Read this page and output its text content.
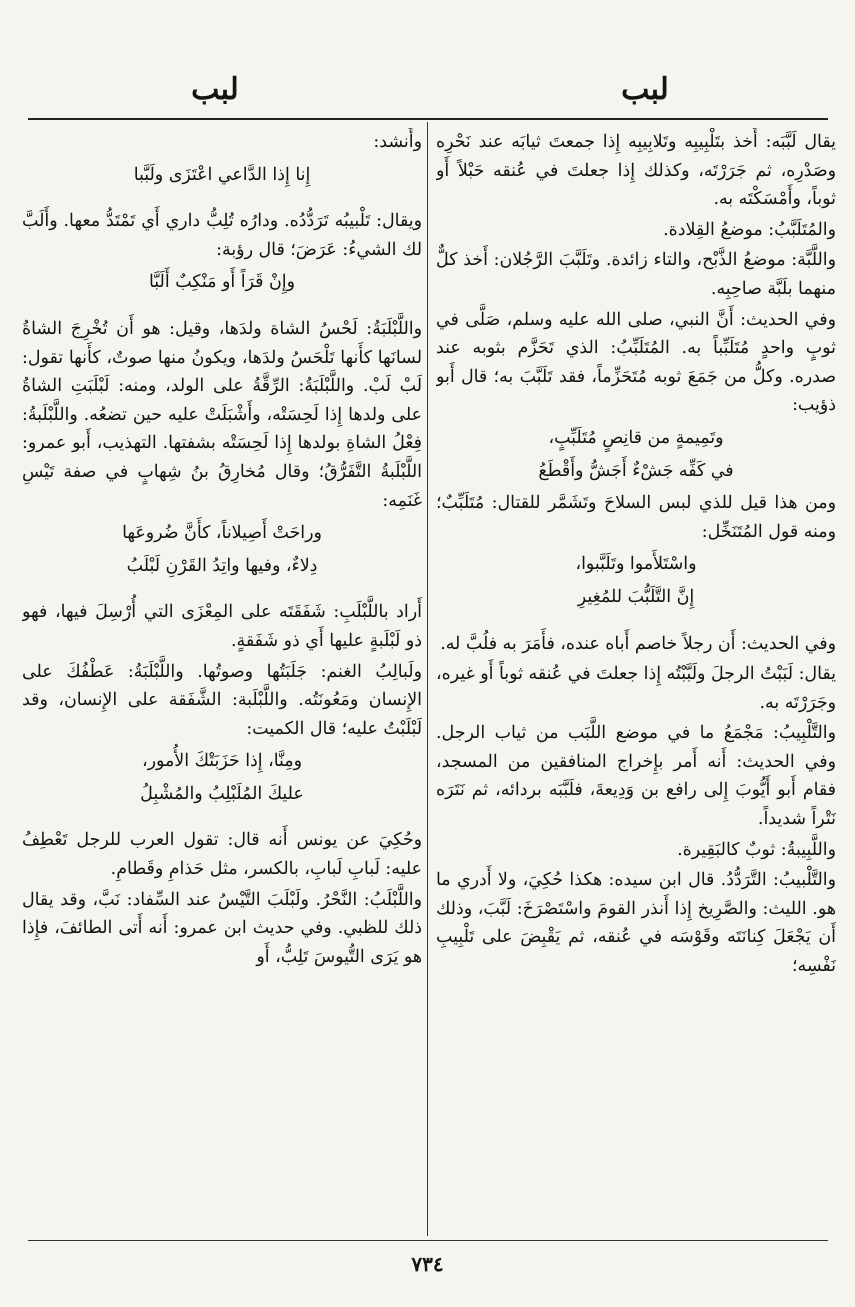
لبب
لبب

يقال لَبَّبَه: أَخذ بتَلْبِيبِه وتَلابِيبِه إِذا جمعتَ ثيابَه عند نَحْرِه وصَدْرِه، ثم جَرَرْتَه، وكذلك إِذا جعلتَ في عُنقه حَبْلاً أَو ثوباً، وأَمْسَكْتَه به.

والمُتَلَبَّبُ: موضعُ القِلادة.

واللَّبَّة: موضعُ الذَّبْح، والتاء زائدة. وتَلَبَّبَ الرَّجُلان: أَخذ كلٌّ منهما بلَبَّة صاحِبِه.

وفي الحديث: أَنَّ النبي، صلى الله عليه وسلم، صَلَّى في ثوبٍ واحدٍ مُتَلَبِّباً به. المُتَلَبِّبُ: الذي تَحَزَّم بثوبه عند صدره. وكلُّ من جَمَعَ ثوبه مُتَحَزِّماً، فقد تَلَبَّبَ به؛ قال أَبو ذؤيب:

وتَمِيمةٍ من قانِصٍ مُتَلَبِّبٍ،
في كَفِّه جَشْءٌ أَجَشُّ وأَقْطَعُ

ومن هذا قيل للذي لبس السلاحَ وتَشَمَّر للقتال: مُتَلَبِّبٌ؛ ومنه قول المُتَنَخِّل:

واسْتَلأَموا وتَلَبَّبوا،
إِنَّ التَّلَبُّبَ للمُغِيرِ

وفي الحديث: أَن رجلاً خاصم أَباه عنده، فأَمَرَ به فلُبَّ له.

يقال: لَبَبْتُ الرجلَ ولَبَّبْتُه إِذا جعلتَ في عُنقه ثوباً أَو غيره، وجَرَرْتَه به.

والتَّلْبِيبُ: مَجْمَعُ ما في موضع اللَّبَب من ثياب الرجل. وفي الحديث: أَنه أَمر بإِخراج المنافقين من المسجد، فقام أَبو أَيُّوبَ إِلى رافع بن وَدِيعةَ، فلَبَّبَه بردائه، ثم نَتَرَه نَتْراً شديداً.

واللَّبِيبةُ: ثوبٌ كالبَقِيرة.

والتَّلْبيبُ: التَّرَدُّدُ. قال ابن سيده: هكذا حُكِيَ، ولا أَدري ما هو. الليث: والصَّرِيخ إِذا أَنذر القومَ واسْتَصْرَخَ: لَبَّبَ، وذلك أَن يَجْعَلَ كِنانَتَه وقَوْسَه في عُنقه، ثم يَقْبِضَ على تَلْبِيبِ نَفْسِه؛

وأَنشد:

إِنا إِذا الدَّاعي اعْتَزَى ولَبَّبا

ويقال: تَلْبيبُه تَرَدُّدُه. ودارُه تُلِبُّ داري أَي تَمْتَدُّ معها. وأَلَبَّ لك الشيءُ: عَرَضَ؛ قال رؤبة:

وإِنْ قَرَاً أَو مَنْكِبٌ أَلَبَّا

واللَّبْلَبَةُ: لَحْسُ الشاة ولدَها، وقيل: هو أَن تُخْرِجَ الشاةُ لسانَها كأَنها تَلْحَسُ ولدَها، ويكونُ منها صوتٌ، كأَنها تقول: لَبْ لَبْ. واللَّبْلَبَةُ: الرِّقَّةُ على الولد، ومنه: لَبْلَبَتِ الشاةُ على ولدها إِذا لَحِسَتْه، وأَشْبَلَتْ عليه حين تضعُه. واللَّبْلَبةُ: فِعْلُ الشاةِ بولدها إِذا لَحِسَتْه بشفتها. التهذيب، أَبو عمرو: اللَّبْلَبةُ التَّفَرُّقُ؛ وقال مُخارِقُ بنُ شِهابٍ في صفة تَيْسِ غَنَمِه:

وراحَتْ أَصِيلاناً، كأَنَّ ضُروعَها
دِلاءٌ، وفيها واتِدُ القَرْنِ لَبْلَبُ

أَراد باللَّبْلَبِ: شَفَقَتَه على المِعْزَى التي أُرْسِلَ فيها، فهو ذو لَبْلَبةٍ عليها أَي ذو شَفَقةٍ.

ولَبالِبُ الغنم: جَلَبَتُها وصوتُها. واللَّبْلَبَةُ: عَطْفُكَ على الإِنسان ومَعُونَتُه. واللَّبْلَبة: الشَّفَقة على الإِنسان، وقد لَبْلَبْتُ عليه؛ قال الكميت:

ومِنَّا، إِذا حَزَبَتْكَ الأُمور،
عليكَ المُلَبْلِبُ والمُشْبِلُ

وحُكِيَ عن يونس أَنه قال: تقول العرب للرجل تَعْطِفُ عليه: لَبابِ لَبابِ، بالكسر، مثل حَذامِ وقَطامِ.

واللَّبْلَبُ: النَّحْرُ. ولَبْلَبَ التَّيْسُ عند السِّفاد: نَبَّ، وقد يقال ذلك للظبي. وفي حديث ابن عمرو: أَنه أَتى الطائفَ، فإِذا هو يَرَى التُّيوسَ تَلِبُّ، أَو

٧٣٤
